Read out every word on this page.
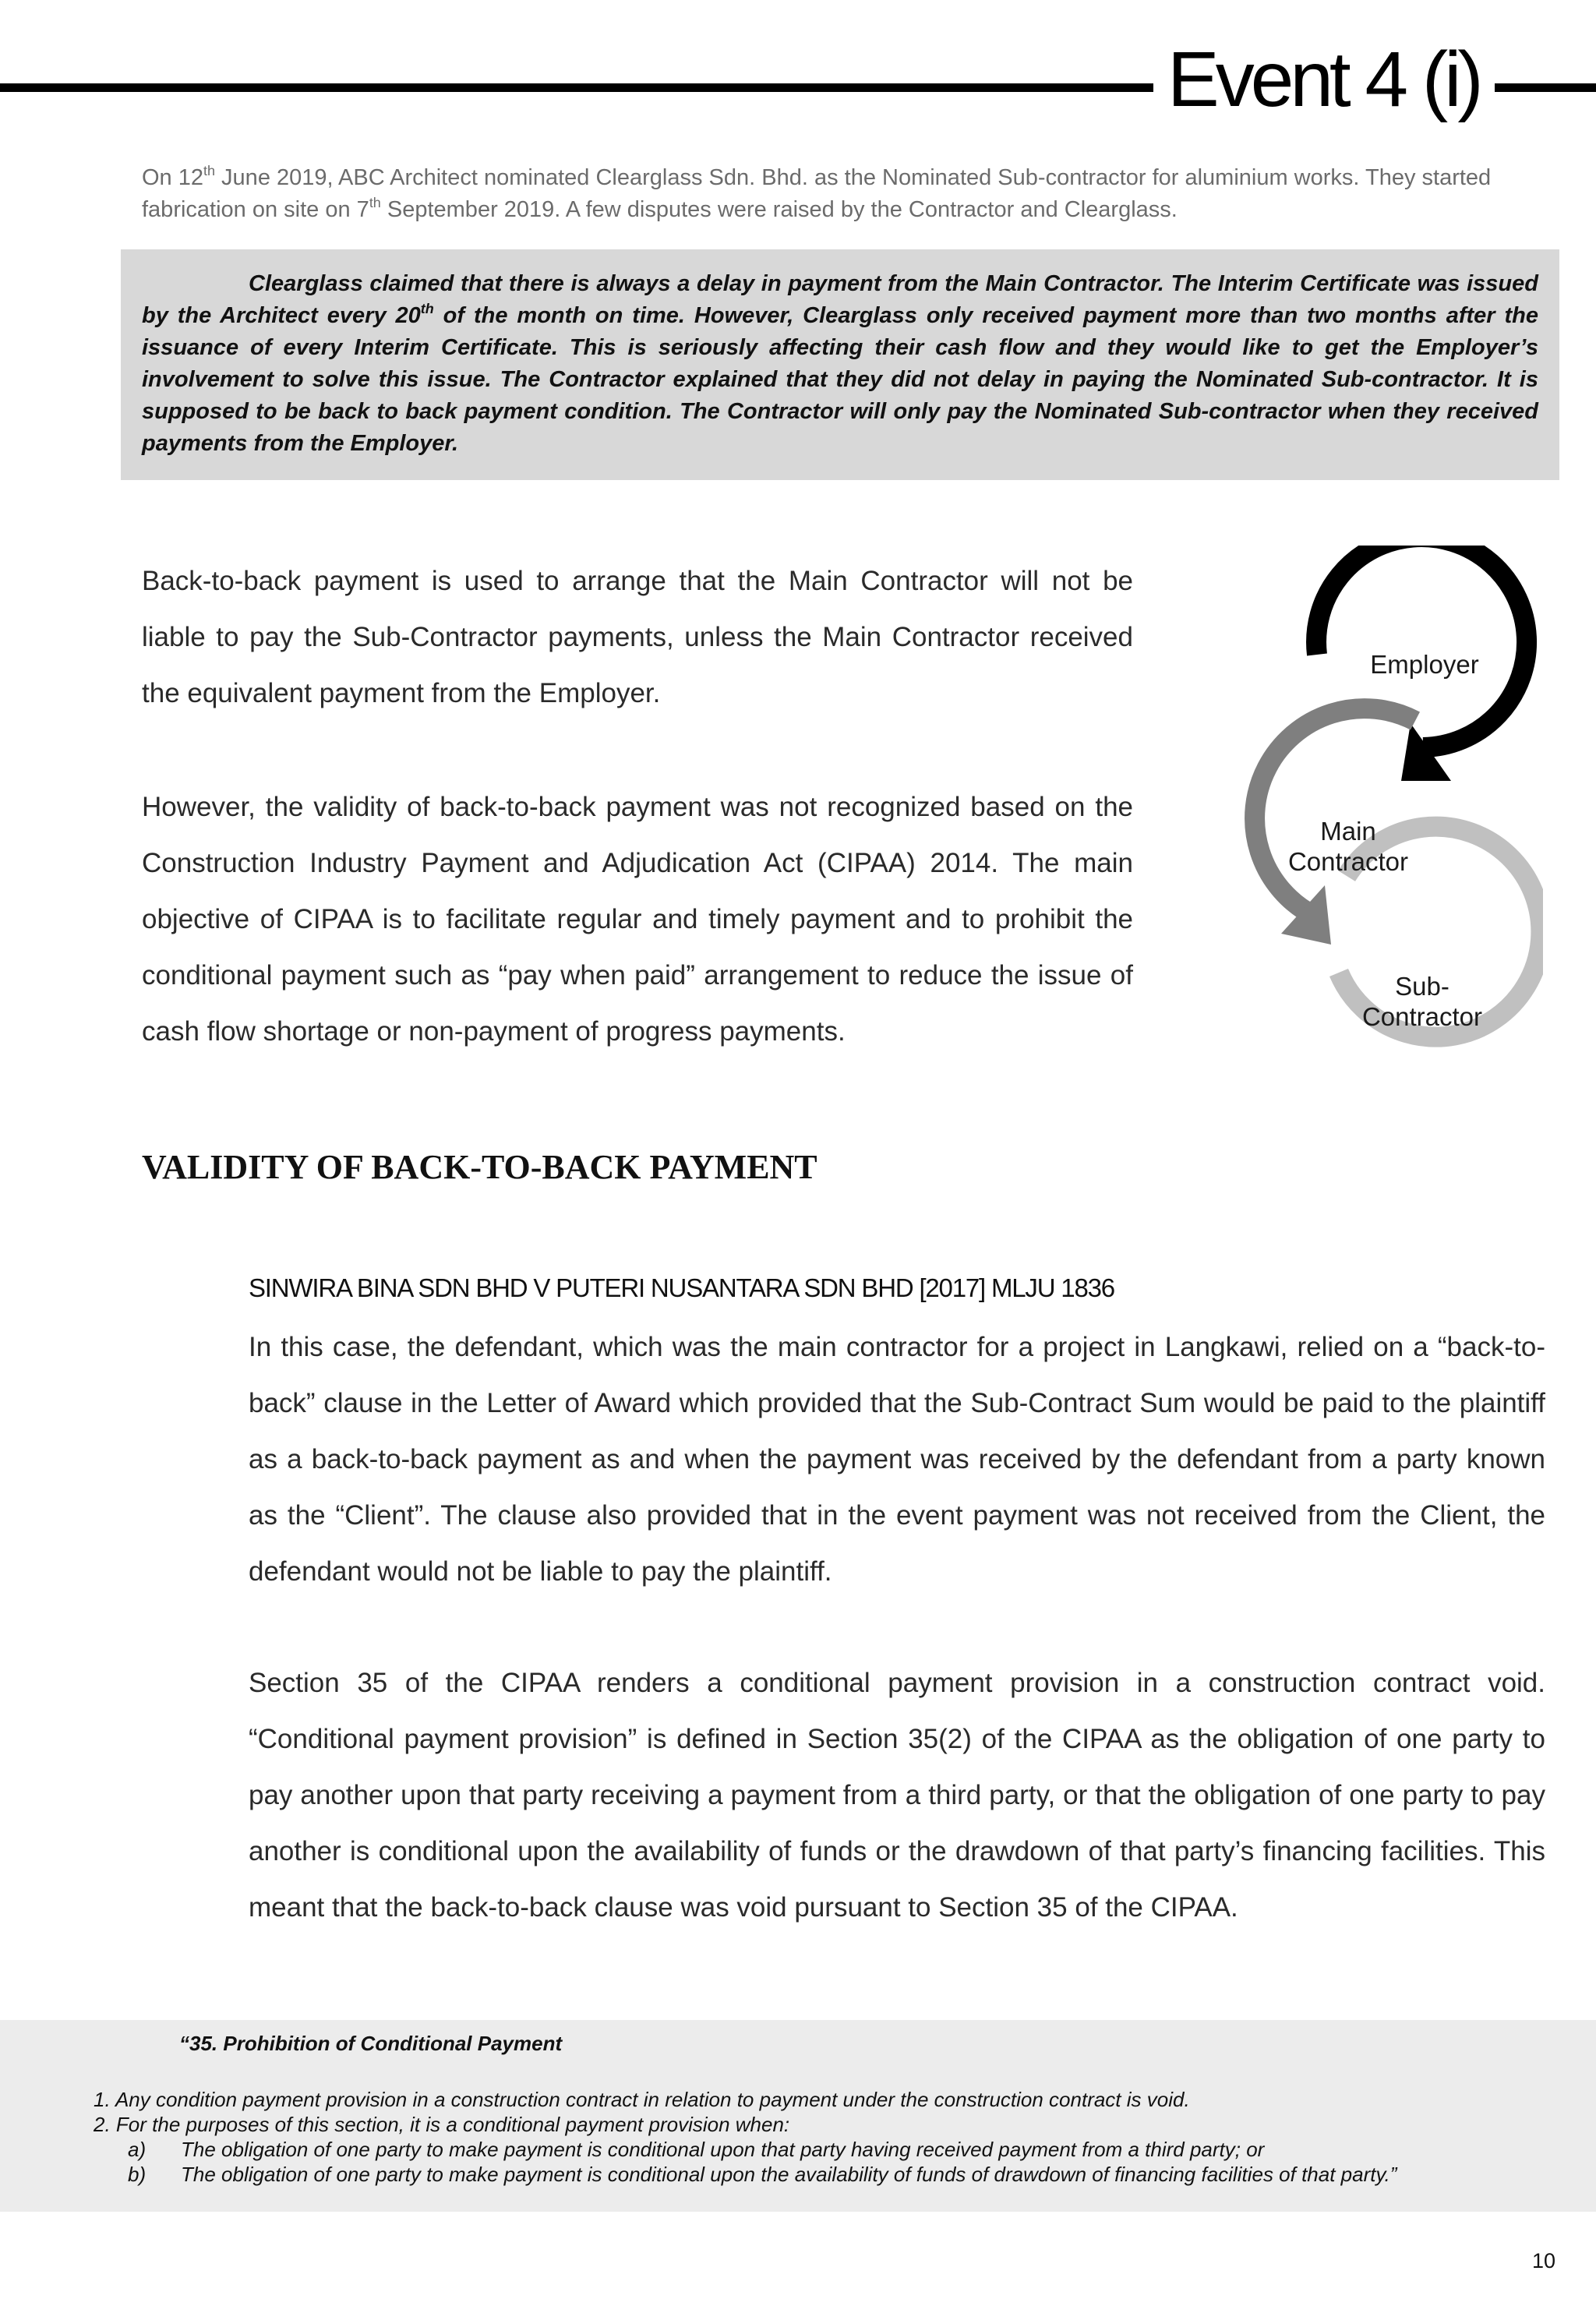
Event 4 (i)
On 12th June 2019, ABC Architect nominated Clearglass Sdn. Bhd. as the Nominated Sub-contractor for aluminium works. They started fabrication on site on 7th September 2019. A few disputes were raised by the Contractor and Clearglass.
Clearglass claimed that there is always a delay in payment from the Main Contractor. The Interim Certificate was issued by the Architect every 20th of the month on time. However, Clearglass only received payment more than two months after the issuance of every Interim Certificate. This is seriously affecting their cash flow and they would like to get the Employer’s involvement to solve this issue. The Contractor explained that they did not delay in paying the Nominated Sub-contractor. It is supposed to be back to back payment condition. The Contractor will only pay the Nominated Sub-contractor when they received payments from the Employer.
Back-to-back payment is used to arrange that the Main Contractor will not be liable to pay the Sub-Contractor payments, unless the Main Contractor received the equivalent payment from the Employer.
However, the validity of back-to-back payment was not recognized based on the Construction Industry Payment and Adjudication Act (CIPAA) 2014. The main objective of CIPAA is to facilitate regular and timely payment and to prohibit the conditional payment such as “pay when paid” arrangement to reduce the issue of cash flow shortage or non-payment of progress payments.
Employer

Main
Contractor

Sub-
Contractor

VALIDITY OF BACK-TO-BACK PAYMENT
SINWIRA BINA SDN BHD V PUTERI NUSANTARA SDN BHD [2017] MLJU 1836
In this case, the defendant, which was the main contractor for a project in Langkawi, relied on a “back-to-back” clause in the Letter of Award which provided that the Sub-Contract Sum would be paid to the plaintiff as a back-to-back payment as and when the payment was received by the defendant from a party known as the “Client”. The clause also provided that in the event payment was not received from the Client, the defendant would not be liable to pay the plaintiff.
Section 35 of the CIPAA renders a conditional payment provision in a construction contract void. “Conditional payment provision” is defined in Section 35(2) of the CIPAA as the obligation of one party to pay another upon that party receiving a payment from a third party, or that the obligation of one party to pay another is conditional upon the availability of funds or the drawdown of that party’s financing facilities. This meant that the back-to-back clause was void pursuant to Section 35 of the CIPAA.
“35. Prohibition of Conditional Payment
1. Any condition payment provision in a construction contract in relation to payment under the construction contract is void.
2. For the purposes of this section, it is a conditional payment provision when:
a) The obligation of one party to make payment is conditional upon that party having received payment from a third party; or
b) The obligation of one party to make payment is conditional upon the availability of funds of drawdown of financing facilities of that party.”
10
